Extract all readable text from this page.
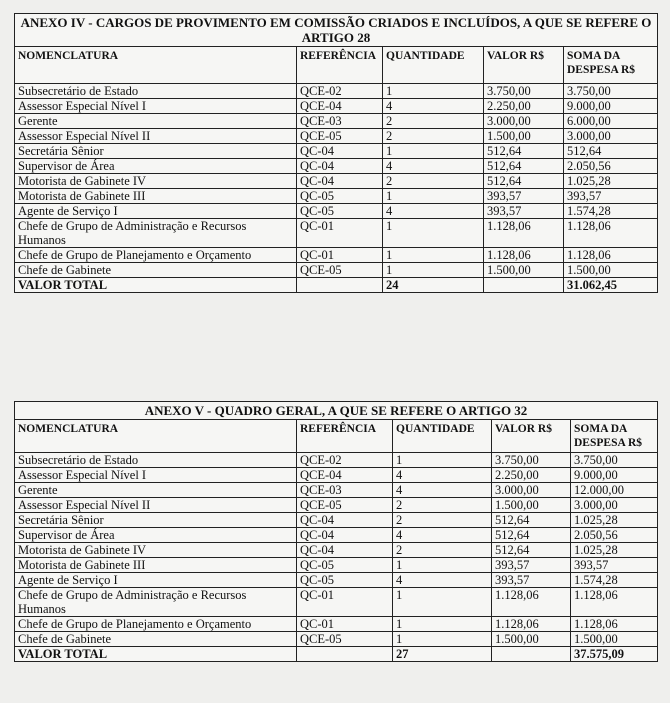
ANEXO IV - CARGOS DE PROVIMENTO EM COMISSÃO CRIADOS E INCLUÍDOS, A QUE SE REFERE O ARTIGO 28
NOMENCLATURA	REFERÊNCIA	QUANTIDADE	VALOR R$	SOMA DA DESPESA R$
Subsecretário de Estado	QCE-02	1	3.750,00	3.750,00
Assessor Especial Nível I	QCE-04	4	2.250,00	9.000,00
Gerente	QCE-03	2	3.000,00	6.000,00
Assessor Especial Nível II	QCE-05	2	1.500,00	3.000,00
Secretária Sênior	QC-04	1	512,64	512,64
Supervisor de Área	QC-04	4	512,64	2.050,56
Motorista de Gabinete IV	QC-04	2	512,64	1.025,28
Motorista de Gabinete III	QC-05	1	393,57	393,57
Agente de Serviço I	QC-05	4	393,57	1.574,28
Chefe de Grupo de Administração e Recursos Humanos	QC-01	1	1.128,06	1.128,06
Chefe de Grupo de Planejamento e Orçamento	QC-01	1	1.128,06	1.128,06
Chefe de Gabinete	QCE-05	1	1.500,00	1.500,00
VALOR TOTAL		24		31.062,45
ANEXO V - QUADRO GERAL, A QUE SE REFERE O ARTIGO 32
NOMENCLATURA	REFERÊNCIA	QUANTIDADE	VALOR R$	SOMA DA DESPESA R$
Subsecretário de Estado	QCE-02	1	3.750,00	3.750,00
Assessor Especial Nível I	QCE-04	4	2.250,00	9.000,00
Gerente	QCE-03	4	3.000,00	12.000,00
Assessor Especial Nível II	QCE-05	2	1.500,00	3.000,00
Secretária Sênior	QC-04	2	512,64	1.025,28
Supervisor de Área	QC-04	4	512,64	2.050,56
Motorista de Gabinete IV	QC-04	2	512,64	1.025,28
Motorista de Gabinete III	QC-05	1	393,57	393,57
Agente de Serviço I	QC-05	4	393,57	1.574,28
Chefe de Grupo de Administração e Recursos Humanos	QC-01	1	1.128,06	1.128,06
Chefe de Grupo de Planejamento e Orçamento	QC-01	1	1.128,06	1.128,06
Chefe de Gabinete	QCE-05	1	1.500,00	1.500,00
VALOR TOTAL		27		37.575,09
